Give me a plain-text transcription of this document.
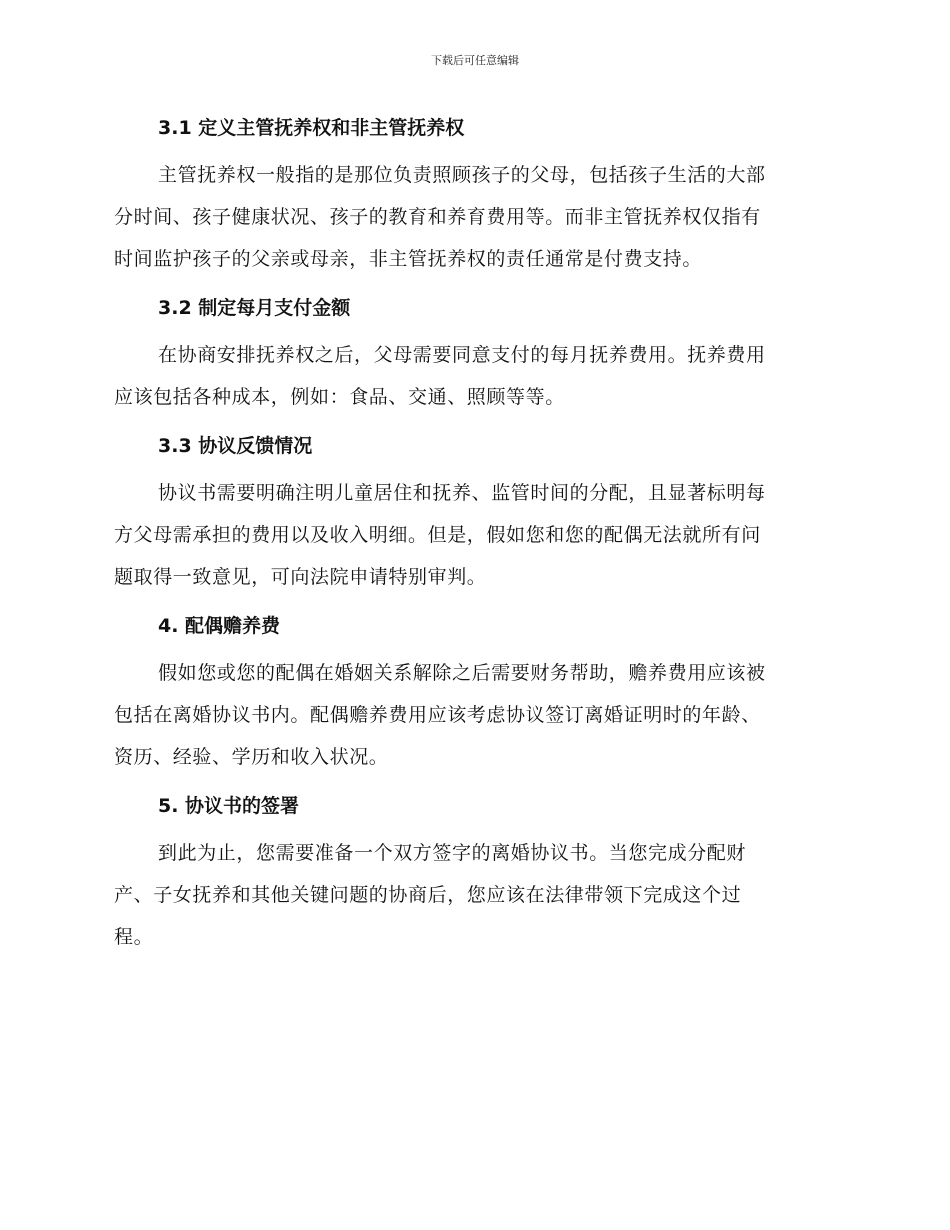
下载后可任意编辑
3.1 定义主管抚养权和非主管抚养权
主管抚养权一般指的是那位负责照顾孩子的父母，包括孩子生活的大部
分时间、孩子健康状况、孩子的教育和养育费用等。而非主管抚养权仅指有
时间监护孩子的父亲或母亲，非主管抚养权的责任通常是付费支持。
3.2 制定每月支付金额
在协商安排抚养权之后，父母需要同意支付的每月抚养费用。抚养费用
应该包括各种成本，例如：食品、交通、照顾等等。
3.3 协议反馈情况
协议书需要明确注明儿童居住和抚养、监管时间的分配，且显著标明每
方父母需承担的费用以及收入明细。但是，假如您和您的配偶无法就所有问
题取得一致意见，可向法院申请特别审判。
4. 配偶赡养费
假如您或您的配偶在婚姻关系解除之后需要财务帮助，赡养费用应该被
包括在离婚协议书内。配偶赡养费用应该考虑协议签订离婚证明时的年龄、
资历、经验、学历和收入状况。
5. 协议书的签署
到此为止，您需要准备一个双方签字的离婚协议书。当您完成分配财
产、子女抚养和其他关键问题的协商后，您应该在法律带领下完成这个过
程。
